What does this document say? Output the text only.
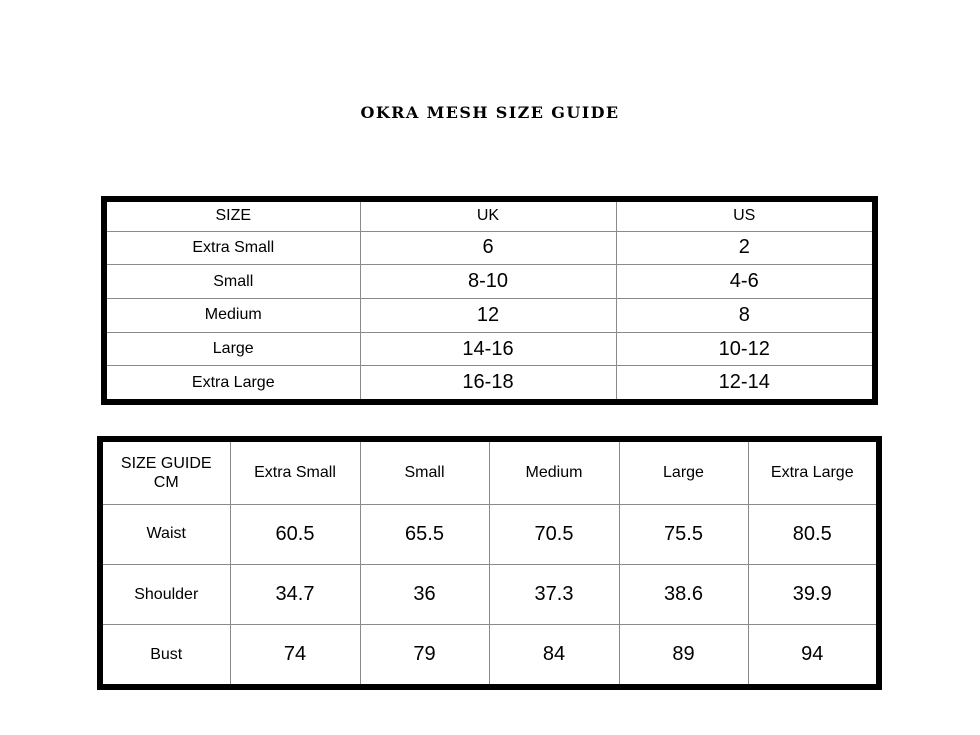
OKRA MESH SIZE GUIDE
SIZE	UK	US
Extra Small	6	2
Small	8-10	4-6
Medium	12	8
Large	14-16	10-12
Extra Large	16-18	12-14
SIZE GUIDE
CM	Extra Small	Small	Medium	Large	Extra Large
Waist	60.5	65.5	70.5	75.5	80.5
Shoulder	34.7	36	37.3	38.6	39.9
Bust	74	79	84	89	94
